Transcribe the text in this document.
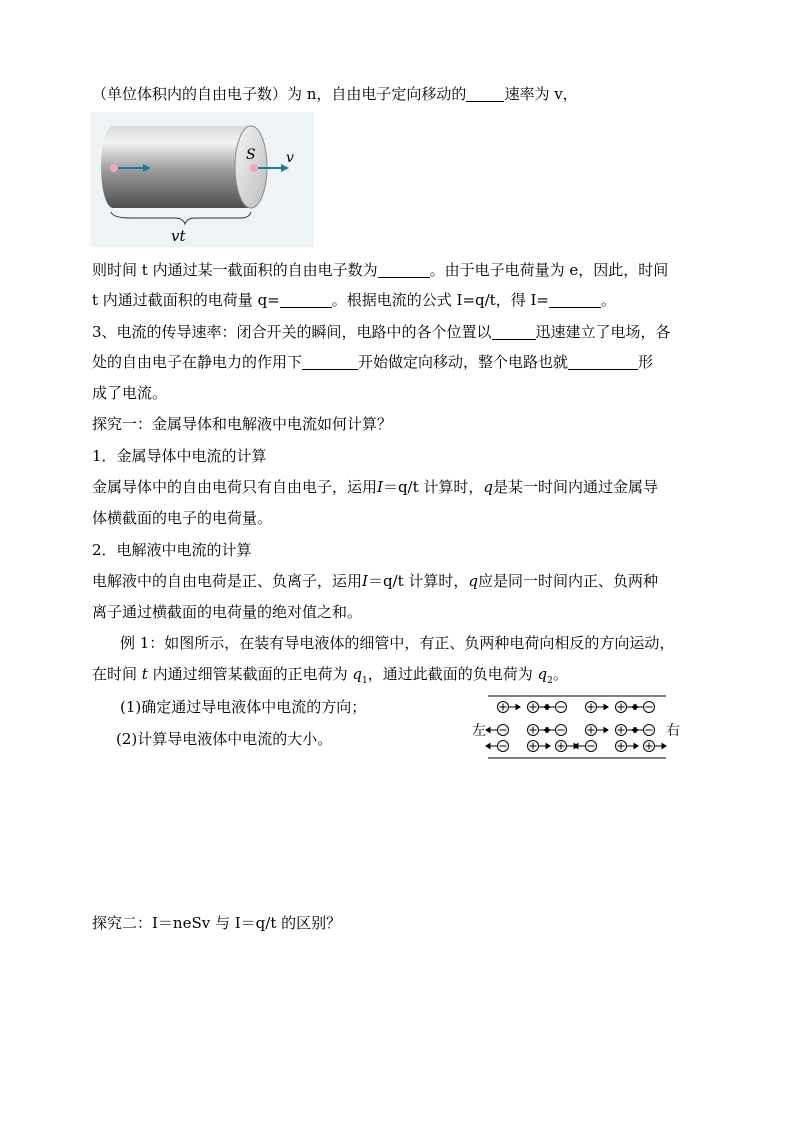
（单位体积内的自由电子数）为 n，自由电子定向移动的	速率为 v，
S v
vt
则时间 t 内通过某一截面积的自由电子数为	。由于电子电荷量为 e，因此，时间
t 内通过截面积的电荷量 q=	。根据电流的公式 I=q/t，得 I=	。
3、电流的传导速率：闭合开关的瞬间，电路中的各个位置以	迅速建立了电场，各
处的自由电子在静电力的作用下	开始做定向移动，整个电路也就	形
成了电流。
探究一：金属导体和电解液中电流如何计算？
1．金属导体中电流的计算
金属导体中的自由电荷只有自由电子，运用I＝q/t 计算时，q是某一时间内通过金属导
体横截面的电子的电荷量。
2．电解液中电流的计算
电解液中的自由电荷是正、负离子，运用I＝q/t 计算时，q应是同一时间内正、负两种
离子通过横截面的电荷量的绝对值之和。
例 1：如图所示，在装有导电液体的细管中，有正、负两种电荷向相反的方向运动，
在时间 t 内通过细管某截面的正电荷为 $q_1$，通过此截面的负电荷为 $q_2$。
(1)确定通过导电液体中电流的方向；
(2)计算导电液体中电流的大小。	左	右
探究二：I＝neSv 与 I＝q/t 的区别？
